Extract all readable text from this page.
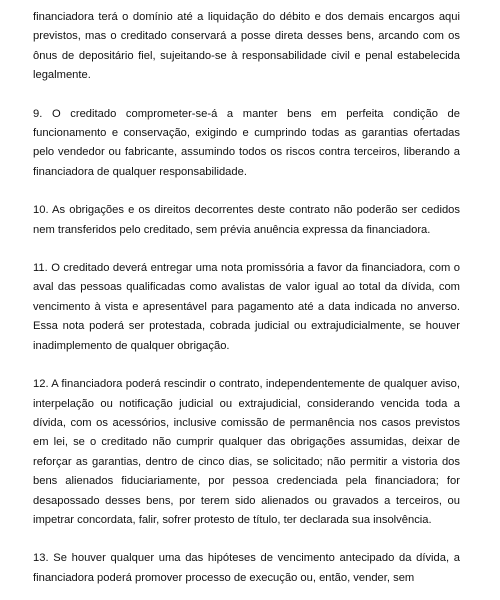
financiadora terá o domínio até a liquidação do débito e dos demais encargos aqui previstos, mas o creditado conservará a posse direta desses bens, arcando com os ônus de depositário fiel, sujeitando-se à responsabilidade civil e penal estabelecida legalmente.

9. O creditado comprometer-se-á a manter bens em perfeita condição de funcionamento e conservação, exigindo e cumprindo todas as garantias ofertadas pelo vendedor ou fabricante, assumindo todos os riscos contra terceiros, liberando a financiadora de qualquer responsabilidade.

10. As obrigações e os direitos decorrentes deste contrato não poderão ser cedidos nem transferidos pelo creditado, sem prévia anuência expressa da financiadora.

11. O creditado deverá entregar uma nota promissória a favor da financiadora, com o aval das pessoas qualificadas como avalistas de valor igual ao total da dívida, com vencimento à vista e apresentável para pagamento até a data indicada no anverso. Essa nota poderá ser protestada, cobrada judicial ou extrajudicialmente, se houver inadimplemento de qualquer obrigação.

12. A financiadora poderá rescindir o contrato, independentemente de qualquer aviso, interpelação ou notificação judicial ou extrajudicial, considerando vencida toda a dívida, com os acessórios, inclusive comissão de permanência nos casos previstos em lei, se o creditado não cumprir qualquer das obrigações assumidas, deixar de reforçar as garantias, dentro de cinco dias, se solicitado; não permitir a vistoria dos bens alienados fiduciariamente, por pessoa credenciada pela financiadora; for desapossado desses bens, por terem sido alienados ou gravados a terceiros, ou impetrar concordata, falir, sofrer protesto de título, ter declarada sua insolvência.

13. Se houver qualquer uma das hipóteses de vencimento antecipado da dívida, a financiadora poderá promover processo de execução ou, então, vender, sem
